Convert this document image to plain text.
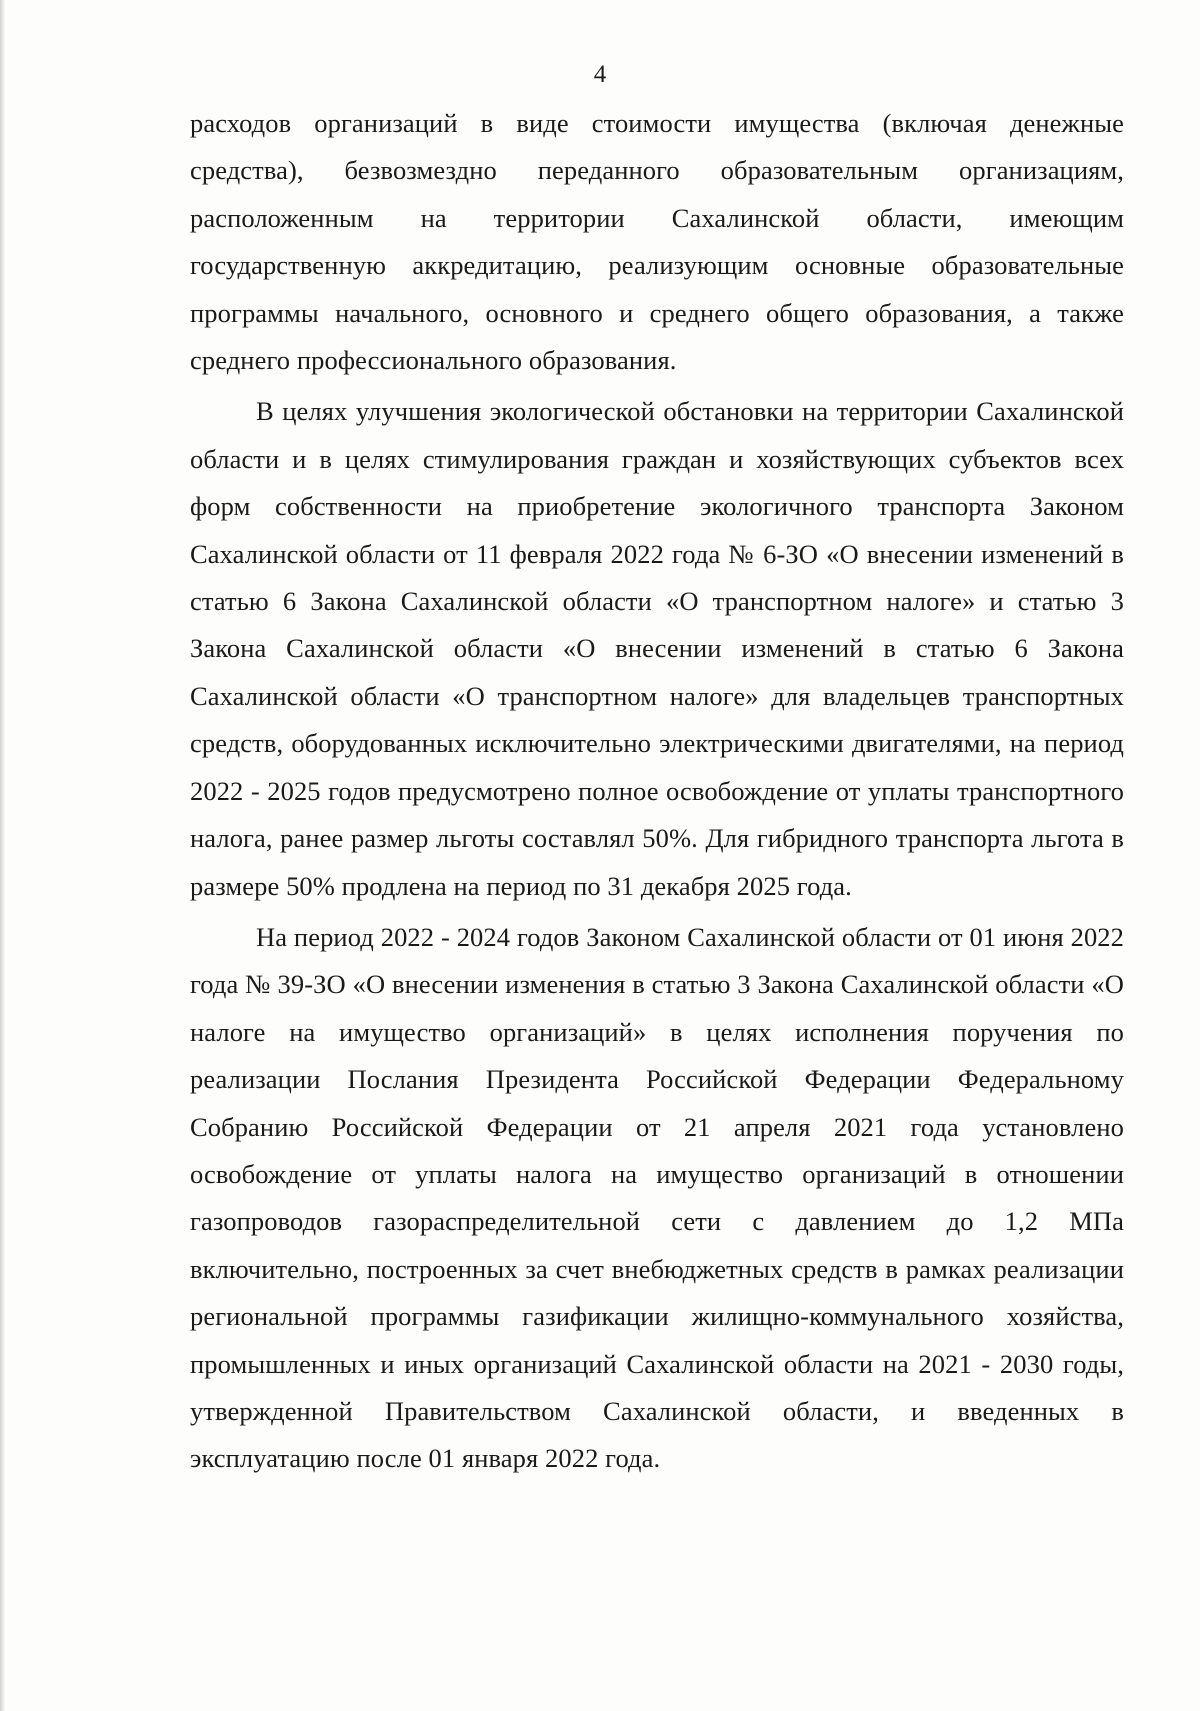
4

расходов организаций в виде стоимости имущества (включая денежные средства), безвозмездно переданного образовательным организациям, расположенным на территории Сахалинской области, имеющим государственную аккредитацию, реализующим основные образовательные программы начального, основного и среднего общего образования, а также среднего профессионального образования.

В целях улучшения экологической обстановки на территории Сахалинской области и в целях стимулирования граждан и хозяйствующих субъектов всех форм собственности на приобретение экологичного транспорта Законом Сахалинской области от 11 февраля 2022 года № 6-ЗО «О внесении изменений в статью 6 Закона Сахалинской области «О транспортном налоге» и статью 3 Закона Сахалинской области «О внесении изменений в статью 6 Закона Сахалинской области «О транспортном налоге» для владельцев транспортных средств, оборудованных исключительно электрическими двигателями, на период 2022 - 2025 годов предусмотрено полное освобождение от уплаты транспортного налога, ранее размер льготы составлял 50%. Для гибридного транспорта льгота в размере 50% продлена на период по 31 декабря 2025 года.

На период 2022 - 2024 годов Законом Сахалинской области от 01 июня 2022 года № 39-ЗО «О внесении изменения в статью 3 Закона Сахалинской области «О налоге на имущество организаций» в целях исполнения поручения по реализации Послания Президента Российской Федерации Федеральному Собранию Российской Федерации от 21 апреля 2021 года установлено освобождение от уплаты налога на имущество организаций в отношении газопроводов газораспределительной сети с давлением до 1,2 МПа включительно, построенных за счет внебюджетных средств в рамках реализации региональной программы газификации жилищно-коммунального хозяйства, промышленных и иных организаций Сахалинской области на 2021 - 2030 годы, утвержденной Правительством Сахалинской области, и введенных в эксплуатацию после 01 января 2022 года.
